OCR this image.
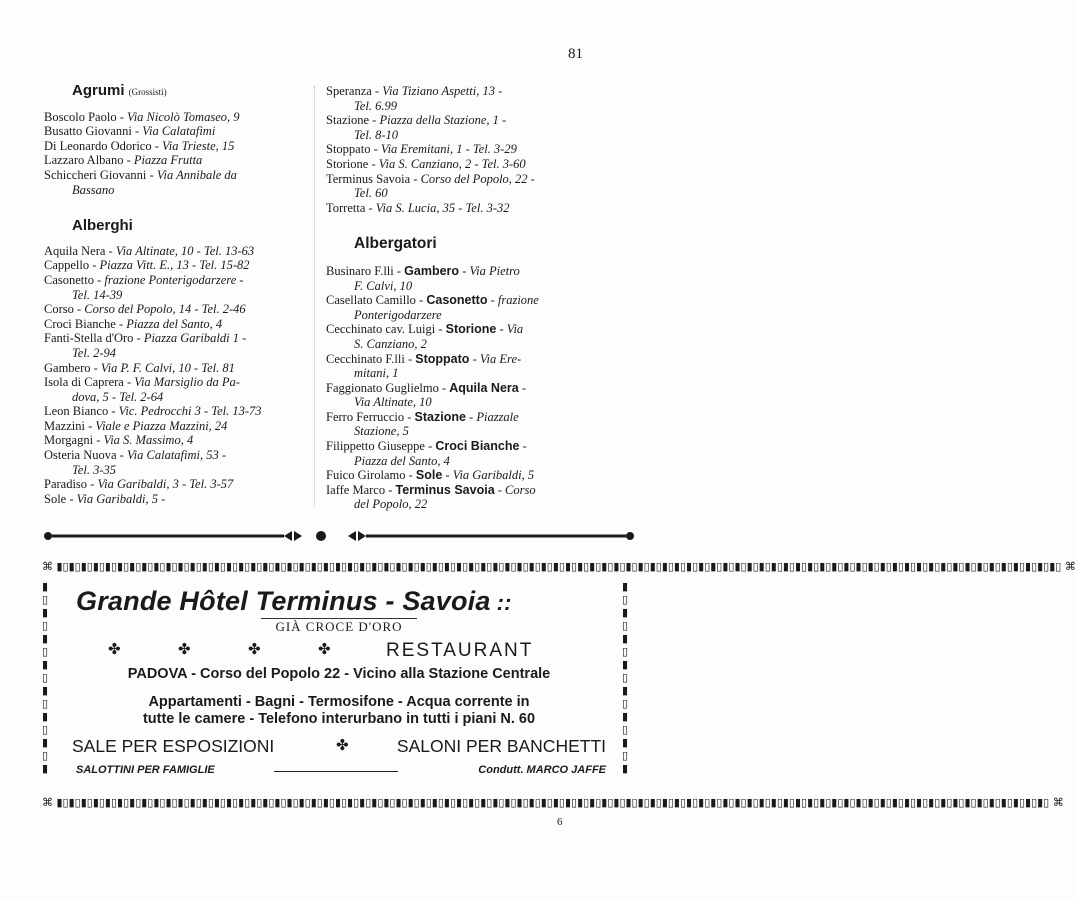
81
Agrumi (Grossisti)
Boscolo Paolo - Via Nicolò Tomaseo, 9
Busatto Giovanni - Via Calatafimi
Di Leonardo Odorico - Via Trieste, 15
Lazzaro Albano - Piazza Frutta
Schiccheri Giovanni - Via Annibale da
Bassano
Alberghi
Aquila Nera - Via Altinate, 10 - Tel. 13-63
Cappello - Piazza Vitt. E., 13 - Tel. 15-82
Casonetto - frazione Ponterigodarzere -
Tel. 14-39
Corso - Corso del Popolo, 14 - Tel. 2-46
Croci Bianche - Piazza del Santo, 4
Fanti-Stella d'Oro - Piazza Garibaldi 1 -
Tel. 2-94
Gambero - Via P. F. Calvi, 10 - Tel. 81
Isola di Caprera - Via Marsiglio da Pa-
dova, 5 - Tel. 2-64
Leon Bianco - Vic. Pedrocchi 3 - Tel. 13-73
Mazzini - Viale e Piazza Mazzini, 24
Morgagni - Via S. Massimo, 4
Osteria Nuova - Via Calatafimi, 53 -
Tel. 3-35
Paradiso - Via Garibaldi, 3 - Tel. 3-57
Sole - Via Garibaldi, 5 -
Speranza - Via Tiziano Aspetti, 13 -
Tel. 6.99
Stazione - Piazza della Stazione, 1 -
Tel. 8-10
Stoppato - Via Eremitani, 1 - Tel. 3-29
Storione - Via S. Canziano, 2 - Tel. 3-60
Terminus Savoia - Corso del Popolo, 22 -
Tel. 60
Torretta - Via S. Lucia, 35 - Tel. 3-32
Albergatori
Businaro F.lli - Gambero - Via Pietro
F. Calvi, 10
Casellato Camillo - Casonetto - frazione
Ponterigodarzere
Cecchinato cav. Luigi - Storione - Via
S. Canziano, 2
Cecchinato F.lli - Stoppato - Via Ere-
mitani, 1
Faggionato Guglielmo - Aquila Nera -
Via Altinate, 10
Ferro Ferruccio - Stazione - Piazzale
Stazione, 5
Filippetto Giuseppe - Croci Bianche -
Piazza del Santo, 4
Fuico Girolamo - Sole - Via Garibaldi, 5
Iaffe Marco - Terminus Savoia - Corso
del Popolo, 22
⌘ ▮▯▮▯▮▯▮▯▮▯▮▯▮▯▮▯▮▯▮▯▮▯▮▯▮▯▮▯▮▯▮▯▮▯▮▯▮▯▮▯▮▯▮▯▮▯▮▯▮▯▮▯▮▯▮▯▮▯▮▯▮▯▮▯▮▯▮▯▮▯▮▯▮▯▮▯▮▯▮▯▮▯▮▯▮▯▮▯▮▯▮▯▮▯▮▯▮▯▮▯▮▯▮▯▮▯▮▯▮▯▮▯▮▯▮▯▮▯▮▯▮▯▮▯▮▯▮▯▮▯▮▯▮▯▮▯▮▯▮▯▮▯▮▯▮▯▮▯▮▯▮▯▮▯▮▯▮▯▮▯▮▯▮▯▮▯ ⌘
▮
▯
▮
▯
▮
▯
▮
▯
▮
▯
▮
▯
▮
▯
▮
▮
▯
▮
▯
▮
▯
▮
▯
▮
▯
▮
▯
▮
▯
▮
Grande Hôtel Terminus - Savoia ::
GIÀ CROCE D'ORO
✤	✤	✤	✤	RESTAURANT
PADOVA - Corso del Popolo 22 - Vicino alla Stazione Centrale
Appartamenti - Bagni - Termosifone - Acqua corrente in
tutte le camere - Telefono interurbano in tutti i piani N. 60
SALE PER ESPOSIZIONI	✤	SALONI PER BANCHETTI
SALOTTINI PER FAMIGLIE	Condutt. MARCO JAFFE
⌘ ▮▯▮▯▮▯▮▯▮▯▮▯▮▯▮▯▮▯▮▯▮▯▮▯▮▯▮▯▮▯▮▯▮▯▮▯▮▯▮▯▮▯▮▯▮▯▮▯▮▯▮▯▮▯▮▯▮▯▮▯▮▯▮▯▮▯▮▯▮▯▮▯▮▯▮▯▮▯▮▯▮▯▮▯▮▯▮▯▮▯▮▯▮▯▮▯▮▯▮▯▮▯▮▯▮▯▮▯▮▯▮▯▮▯▮▯▮▯▮▯▮▯▮▯▮▯▮▯▮▯▮▯▮▯▮▯▮▯▮▯▮▯▮▯▮▯▮▯▮▯▮▯▮▯▮▯▮▯▮▯▮▯▮▯ ⌘
6
